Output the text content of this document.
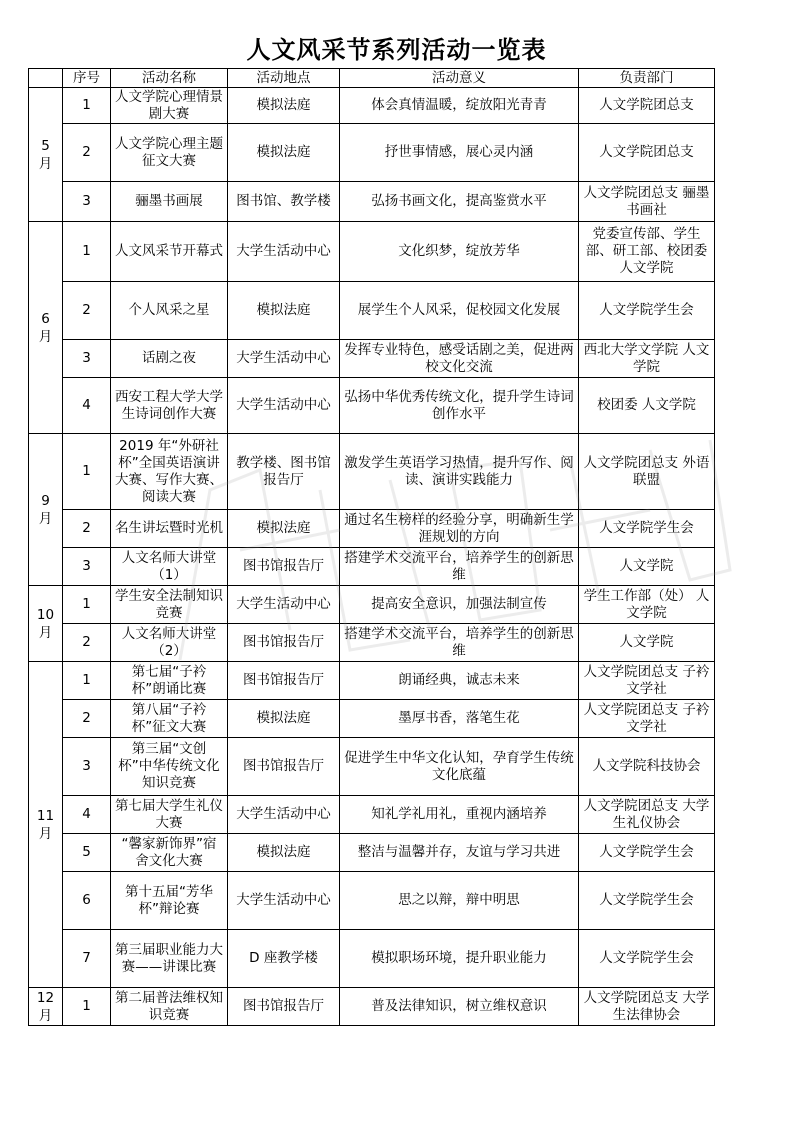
人文风采节系列活动一览表
	序号	活动名称	活动地点	活动意义	负责部门
5月	1	人文学院心理情景剧大赛	模拟法庭	体会真情温暖，绽放阳光青青	人文学院团总支
	2	人文学院心理主题征文大赛	模拟法庭	抒世事情感，展心灵内涵	人文学院团总支
	3	骊墨书画展	图书馆、教学楼	弘扬书画文化，提高鉴赏水平	人文学院团总支 骊墨书画社
6月	1	人文风采节开幕式	大学生活动中心	文化织梦，绽放芳华	党委宣传部、学生部、研工部、校团委 人文学院
	2	个人风采之星	模拟法庭	展学生个人风采，促校园文化发展	人文学院学生会
	3	话剧之夜	大学生活动中心	发挥专业特色，感受话剧之美，促进两校文化交流	西北大学文学院 人文学院
	4	西安工程大学大学生诗词创作大赛	大学生活动中心	弘扬中华优秀传统文化，提升学生诗词创作水平	校团委 人文学院
9月	1	2019 年“外研社杯”全国英语演讲大赛、写作大赛、阅读大赛	教学楼、图书馆报告厅	激发学生英语学习热情，提升写作、阅读、演讲实践能力	人文学院团总支 外语联盟
	2	名生讲坛暨时光机	模拟法庭	通过名生榜样的经验分享，明确新生学涯规划的方向	人文学院学生会
	3	人文名师大讲堂（1）	图书馆报告厅	搭建学术交流平台，培养学生的创新思维	人文学院
10月	1	学生安全法制知识竞赛	大学生活动中心	提高安全意识，加强法制宣传	学生工作部（处） 人文学院
	2	人文名师大讲堂（2）	图书馆报告厅	搭建学术交流平台，培养学生的创新思维	人文学院
11月	1	第七届“子衿杯”朗诵比赛	图书馆报告厅	朗诵经典，诚志未来	人文学院团总支 子衿文学社
	2	第八届“子衿杯”征文大赛	模拟法庭	墨厚书香，落笔生花	人文学院团总支 子衿文学社
	3	第三届“文创杯”中华传统文化知识竞赛	图书馆报告厅	促进学生中华文化认知，孕育学生传统文化底蕴	人文学院科技协会
	4	第七届大学生礼仪大赛	大学生活动中心	知礼学礼用礼，重视内涵培养	人文学院团总支 大学生礼仪协会
	5	“馨家新饰界”宿舍文化大赛	模拟法庭	整洁与温馨并存，友谊与学习共进	人文学院学生会
	6	第十五届“芳华杯”辩论赛	大学生活动中心	思之以辩，辩中明思	人文学院学生会
	7	第三届职业能力大赛——讲课比赛	D 座教学楼	模拟职场环境，提升职业能力	人文学院学生会
12月	1	第二届普法维权知识竞赛	图书馆报告厅	普及法律知识，树立维权意识	人文学院团总支 大学生法律协会
